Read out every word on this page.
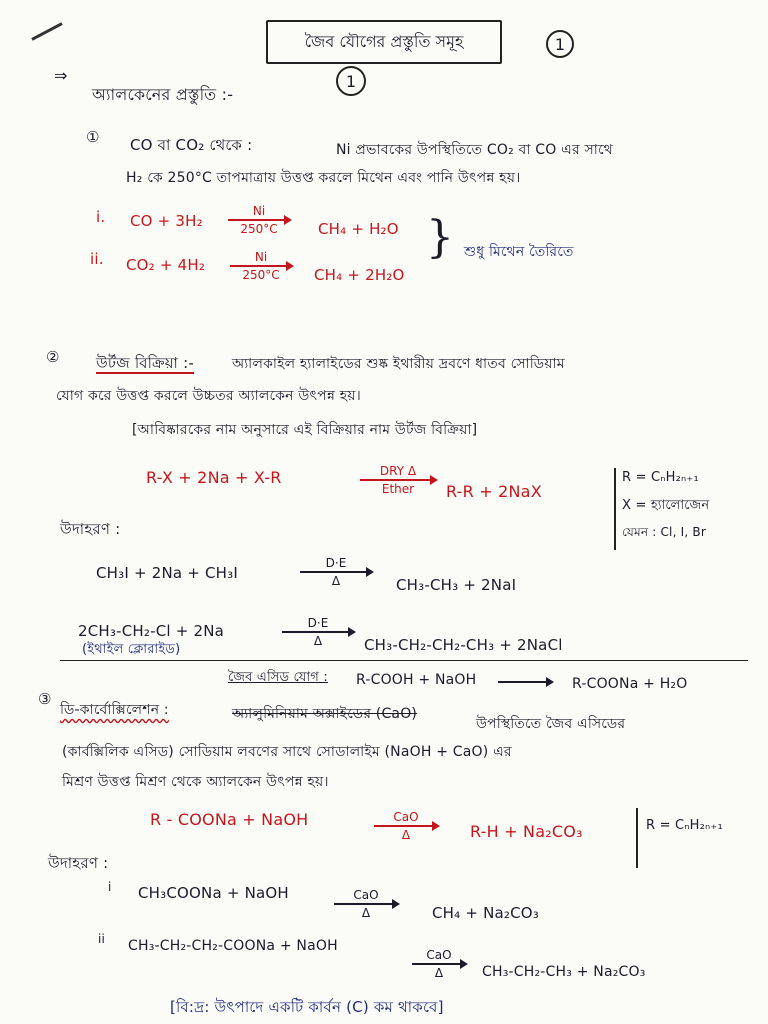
জৈব যৌগের প্রস্তুতি সমূহ	1
1
⇒
অ্যালকেনের প্রস্তুতি :-
① CO বা CO₂ থেকে :	Ni প্রভাবকের উপস্থিতিতে CO₂ বা CO এর সাথে
H₂ কে 250°C তাপমাত্রায় উত্তপ্ত করলে মিথেন এবং পানি উৎপন্ন হয়।
i. CO + 3H₂
Ni
250°C	CH₄ + H₂O
ii. CO₂ + 4H₂	Ni
250°C CH₄ + 2H₂O
} শুধু মিথেন তৈরিতে
② উর্টজ বিক্রিয়া :-	অ্যালকাইল হ্যালাইডের শুষ্ক ইথারীয় দ্রবণে ধাতব সোডিয়াম
যোগ করে উত্তপ্ত করলে উচ্চতর অ্যালকেন উৎপন্ন হয়।
[আবিষ্কারকের নাম অনুসারে এই বিক্রিয়ার নাম উর্টজ বিক্রিয়া]
R-X + 2Na + X-R	DRY Δ
Ether R-R + 2NaX
R = CₙH₂ₙ₊₁
X = হ্যালোজেন
যেমন : Cl, I, Br
উদাহরণ :
CH₃I + 2Na + CH₃I
D·E
Δ	CH₃-CH₃ + 2NaI
2CH₃-CH₂-Cl + 2Na	D·E
Δ	CH₃-CH₂-CH₂-CH₃ + 2NaCl
(ইথাইল ক্লোরাইড)
জৈব এসিড যোগ : R-COOH + NaOH	R-COONa + H₂O
③
ডি-কার্বোক্সিলেশন :	অ্যালুমিনিয়াম অক্সাইডের (CaO)
উপস্থিতিতে জৈব এসিডের
(কার্বক্সিলিক এসিড) সোডিয়াম লবণের সাথে সোডালাইম (NaOH + CaO) এর
মিশ্রণ উত্তপ্ত মিশ্রণ থেকে অ্যালকেন উৎপন্ন হয়।
R - COONa + NaOH	CaO
Δ	R-H + Na₂CO₃	R = CₙH₂ₙ₊₁
উদাহরণ :
i CH₃COONa + NaOH	CaO
Δ	CH₄ + Na₂CO₃
ii CH₃-CH₂-CH₂-COONa + NaOH
CaO
Δ	CH₃-CH₂-CH₃ + Na₂CO₃
[বি:দ্র: উৎপাদে একটি কার্বন (C) কম থাকবে]
